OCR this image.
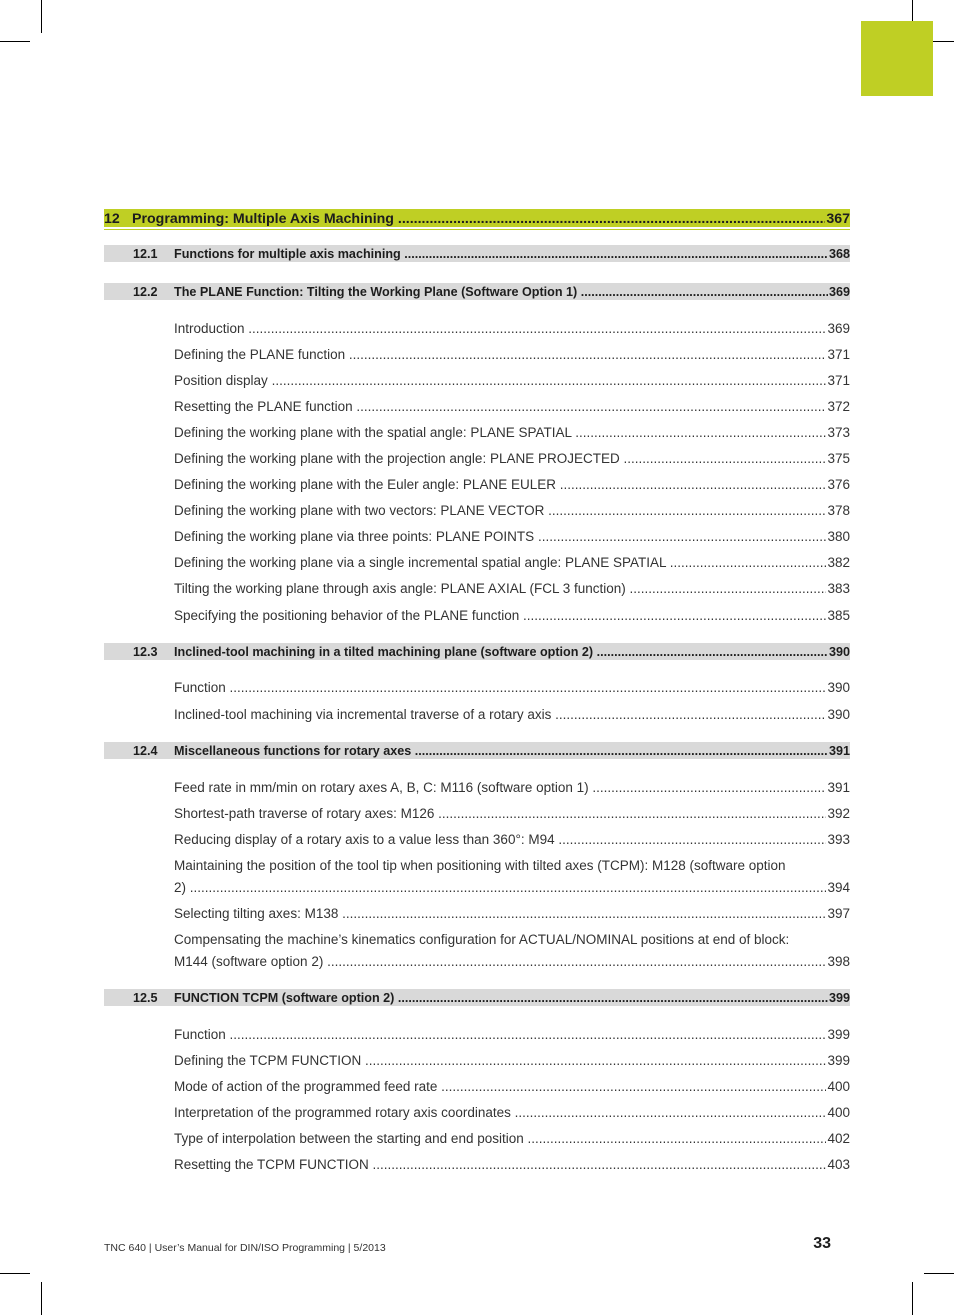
12 Programming: Multiple Axis Machining .....	367
12.1	Functions for multiple axis machining .....	368
12.2	The PLANE Function: Tilting the Working Plane (Software Option 1) .....	369
Introduction .....	369
Defining the PLANE function .....	371
Position display .....	371
Resetting the PLANE function .....	372
Defining the working plane with the spatial angle: PLANE SPATIAL .....	373
Defining the working plane with the projection angle: PLANE PROJECTED .....	375
Defining the working plane with the Euler angle: PLANE EULER .....	376
Defining the working plane with two vectors: PLANE VECTOR .....	378
Defining the working plane via three points: PLANE POINTS .....	380
Defining the working plane via a single incremental spatial angle: PLANE SPATIAL .....	382
Tilting the working plane through axis angle: PLANE AXIAL (FCL 3 function) .....	383
Specifying the positioning behavior of the PLANE function .....	385
12.3	Inclined-tool machining in a tilted machining plane (software option 2) .....	390
Function .....	390
Inclined-tool machining via incremental traverse of a rotary axis .....	390
12.4	Miscellaneous functions for rotary axes .....	391
Feed rate in mm/min on rotary axes A, B, C: M116 (software option 1) .....	391
Shortest-path traverse of rotary axes: M126 .....	392
Reducing display of a rotary axis to a value less than 360°: M94 .....	393
Maintaining the position of the tool tip when positioning with tilted axes (TCPM): M128 (software option
2) .....	394
Selecting tilting axes: M138 .....	397
Compensating the machine’s kinematics configuration for ACTUAL/NOMINAL positions at end of block:
M144 (software option 2) .....	398
12.5	FUNCTION TCPM (software option 2) .....	399
Function .....	399
Defining the TCPM FUNCTION .....	399
Mode of action of the programmed feed rate .....	400
Interpretation of the programmed rotary axis coordinates .....	400
Type of interpolation between the starting and end position .....	402
Resetting the TCPM FUNCTION .....	403
TNC 640 | User’s Manual for DIN/ISO Programming | 5/2013	33
